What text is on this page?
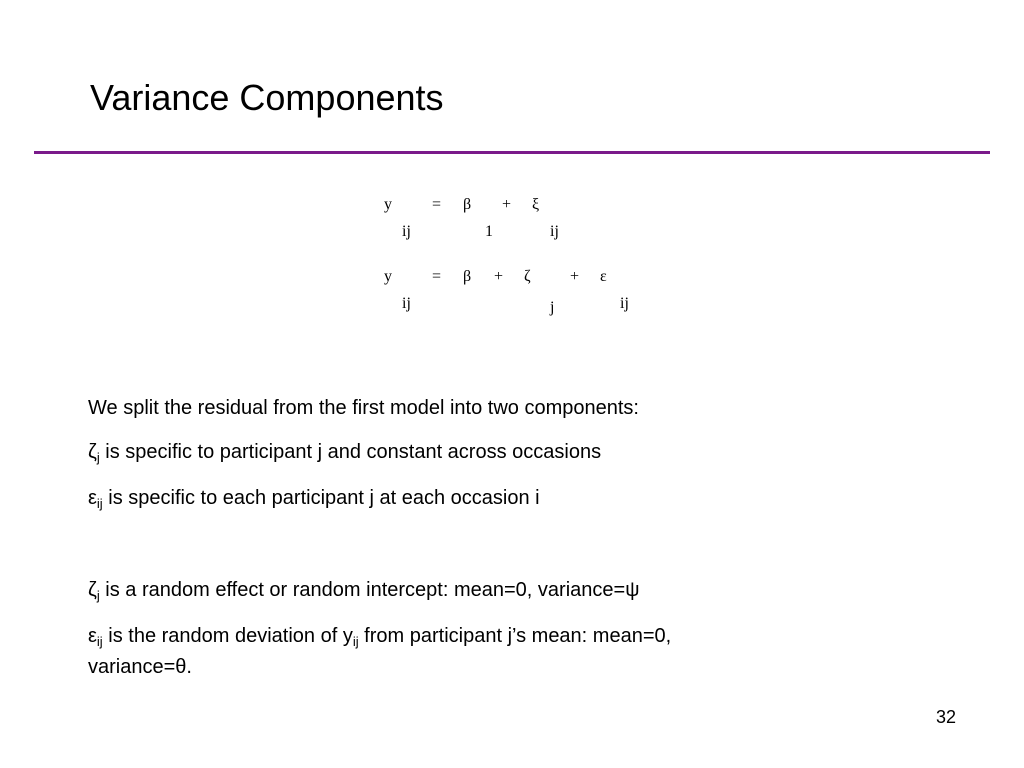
Variance Components
y
ij
= β
1
+ ξ
ij
y
ij
= β + ζ
j
+ ε
ij
We split the residual from the first model into two components:
$\zeta_j$ is specific to participant j and constant across occasions
$\varepsilon_{ij}$ is specific to each participant j at each occasion i
$\zeta_j$ is a random effect or random intercept: mean=0, variance=ψ
$\varepsilon_{ij}$ is the random deviation of $y_{ij}$ from participant j’s mean: mean=0,
variance=θ.
32
